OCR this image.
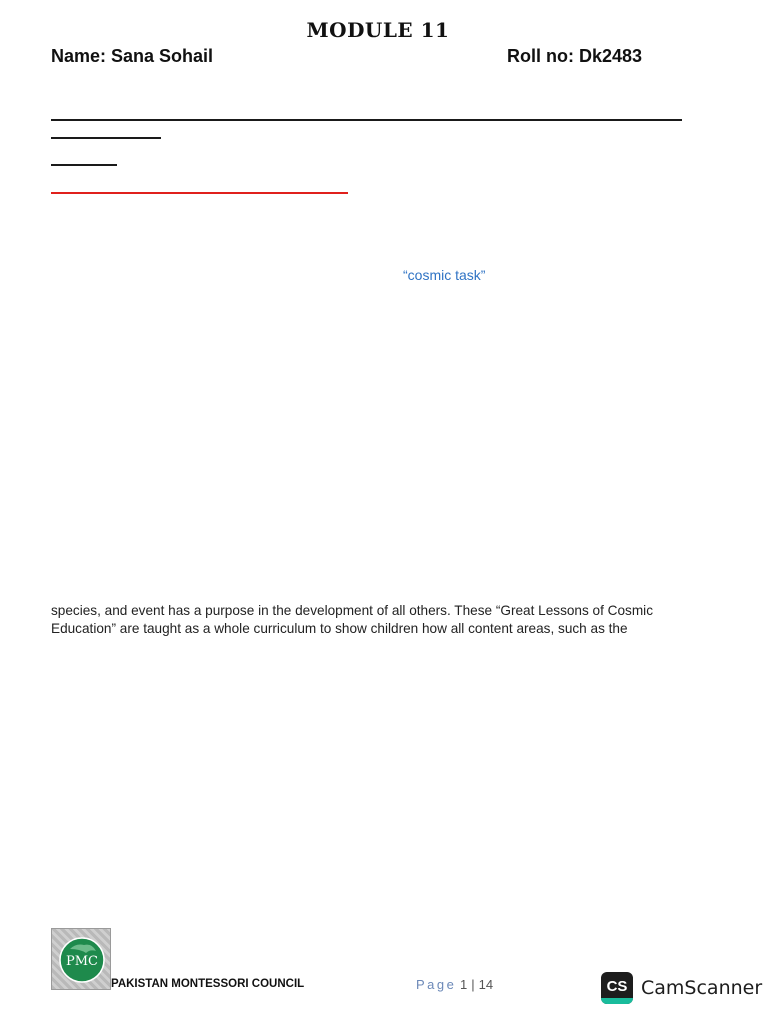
MODULE 11
Name: Sana Sohail	Roll no: Dk2483
“cosmic task”
species, and event has a purpose in the development of all others. These “Great Lessons of Cosmic
Education” are taught as a whole curriculum to show children how all content areas, such as the
PMC
PAKISTAN MONTESSORI COUNCIL	Page 1 | 14	CS CamScanner
